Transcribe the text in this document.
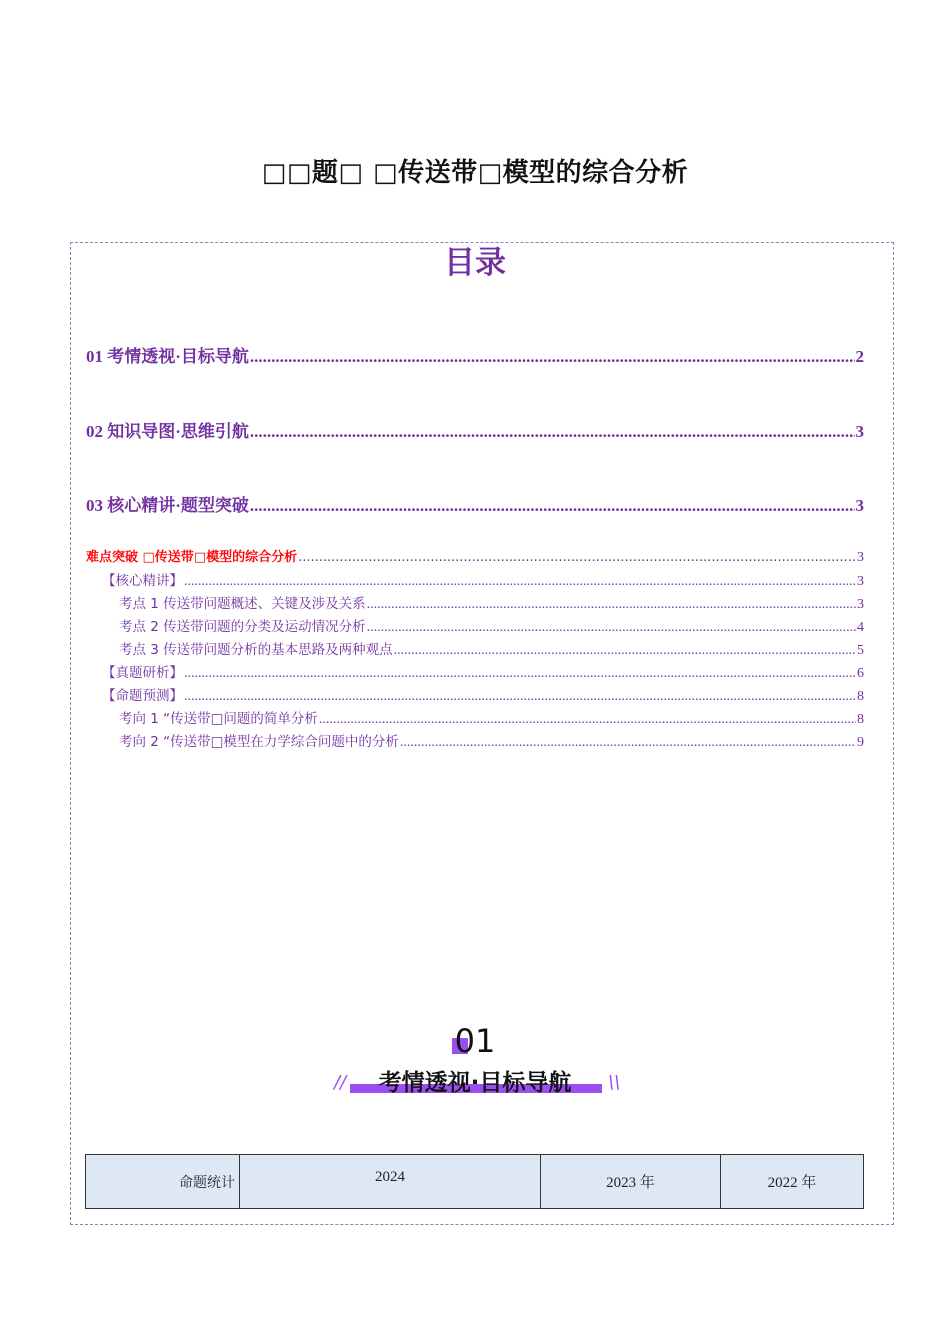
□□题□ □传送带□模型的综合分析
目录
01 考情透视·目标导航 .....	2
02 知识导图·思维引航 .....	3
03 核心精讲·题型突破 .....	3
难点突破 □传送带□模型的综合分析 .....	3
【核心精讲】 .....	3
考点 1 传送带问题概述、关键及涉及关系 .....	3
考点 2 传送带问题的分类及运动情况分析 .....	4
考点 3 传送带问题分析的基本思路及两种观点 .....	5
【真题研析】 .....	6
【命题预测】 .....	8
考向 1 “传送带□问题的简单分析 .....	8
考向 2 “传送带□模型在力学综合问题中的分析 .....	9
01
考情透视·目标导航
//	\\
命题统计	2024	2023 年	2022 年
